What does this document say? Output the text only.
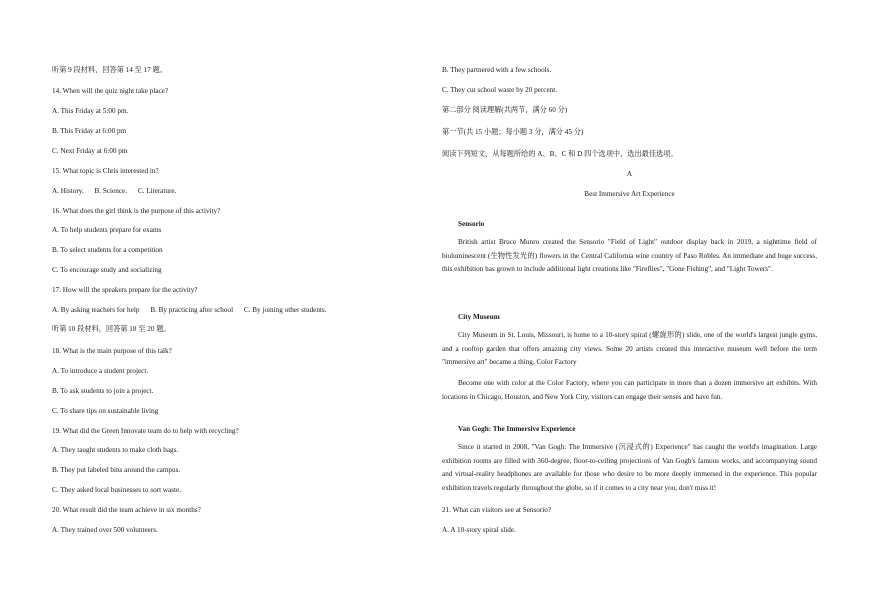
听第 9 段材料，回答第 14 至 17 题。
14. When will the quiz night take place?
A. This Friday at 5:00 pm.
B. This Friday at 6:00 pm
C. Next Friday at 6:00 pm
15. What topic is Chris interested in?
A. History. B. Science. C. Literature.
16. What does the girl think is the purpose of this activity?
A. To help students prepare for exams
B. To select students for a competition
C. To encourage study and socializing
17. How will the speakers prepare for the activity?
A. By asking teachers for help B. By practicing after school C. By joining other students.
听第 10 段材料，回答第 18 至 20 题。
18. What is the main purpose of this talk?
A. To introduce a student project.
B. To ask students to join a project.
C. To share tips on sustainable living
19. What did the Green Innovate team do to help with recycling?
A. They taught students to make cloth bags.
B. They put labeled bins around the campus.
C. They asked local businesses to sort waste.
20. What result did the team achieve in six months?
A. They trained over 500 volunteers.
B. They partnered with a few schools.
C. They cut school waste by 20 percent.
第二部分 阅读理解(共两节，满分 60 分)
第一节(共 15 小题；每小题 3 分，满分 45 分)
阅读下列短文，从每题所给的 A、B、C 和 D 四个选项中，选出最佳选项。
A
Best Immersive Art Experience
Sensorio
British artist Bruce Munro created the Sensorio "Field of Light" outdoor display back in 2019, a nighttime field of bioluminescent (生物性发光的) flowers in the Central California wine country of Paso Robles. An immediate and huge success, this exhibition has grown to include additional light creations like "Fireflies", "Gone Fishing", and "Light Towers".
City Museum
City Museum in St. Louis, Missouri, is home to a 10-story spiral (螺旋形的) slide, one of the world's largest jungle gyms, and a rooftop garden that offers amazing city views. Some 20 artists created this interactive museum well before the term "immersive art" became a thing. Color Factory
Become one with color at the Color Factory, where you can participate in more than a dozen immersive art exhibits. With locations in Chicago, Houston, and New York City, visitors can engage their senses and have fun.
Van Gogh: The Immersive Experience
Since it started in 2008, "Van Gogh: The Immersive (沉浸式的) Experience" has caught the world's imagination. Large exhibition rooms are filled with 360-degree, floor-to-ceiling projections of Van Gogh's famous works, and accompanying sound and virtual-reality headphones are available for those who desire to be more deeply immersed in the experience. This popular exhibition travels regularly throughout the globe, so if it comes to a city near you, don't miss it!
21. What can visitors see at Sensorio?
A. A 10-story spiral slide.
